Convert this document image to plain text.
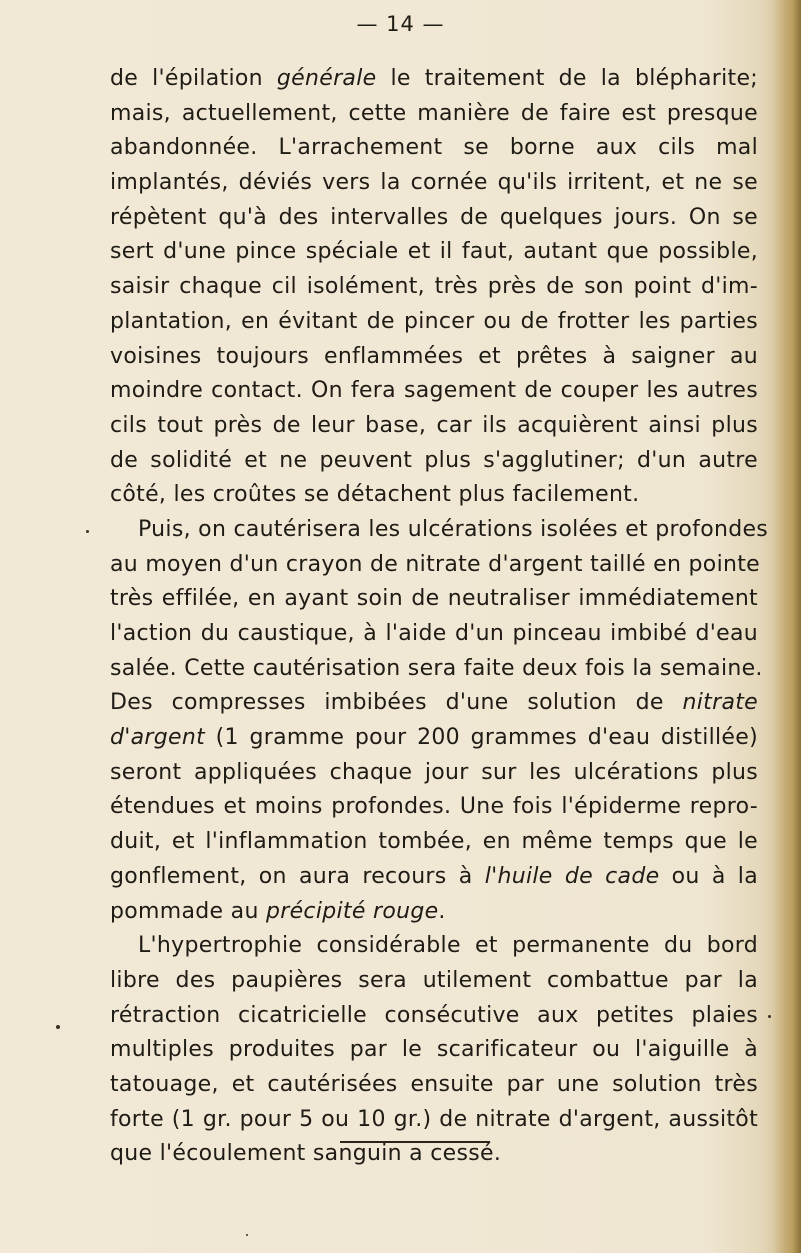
— 14 —
de l'épilation générale le traitement de la blépharite;
mais, actuellement, cette manière de faire est presque
abandonnée. L'arrachement se borne aux cils mal
implantés, déviés vers la cornée qu'ils irritent, et ne se
répètent qu'à des intervalles de quelques jours. On se
sert d'une pince spéciale et il faut, autant que possible,
saisir chaque cil isolément, très près de son point d'im-
plantation, en évitant de pincer ou de frotter les parties
voisines toujours enflammées et prêtes à saigner au
moindre contact. On fera sagement de couper les autres
cils tout près de leur base, car ils acquièrent ainsi plus
de solidité et ne peuvent plus s'agglutiner; d'un autre
côté, les croûtes se détachent plus facilement.
Puis, on cautérisera les ulcérations isolées et profondes
au moyen d'un crayon de nitrate d'argent taillé en pointe
très effilée, en ayant soin de neutraliser immédiatement
l'action du caustique, à l'aide d'un pinceau imbibé d'eau
salée. Cette cautérisation sera faite deux fois la semaine.
Des compresses imbibées d'une solution de nitrate
d'argent (1 gramme pour 200 grammes d'eau distillée)
seront appliquées chaque jour sur les ulcérations plus
étendues et moins profondes. Une fois l'épiderme repro-
duit, et l'inflammation tombée, en même temps que le
gonflement, on aura recours à l'huile de cade ou à la
pommade au précipité rouge.
L'hypertrophie considérable et permanente du bord
libre des paupières sera utilement combattue par la
rétraction cicatricielle consécutive aux petites plaies
multiples produites par le scarificateur ou l'aiguille à
tatouage, et cautérisées ensuite par une solution très
forte (1 gr. pour 5 ou 10 gr.) de nitrate d'argent, aussitôt
que l'écoulement sanguin a cessé.
